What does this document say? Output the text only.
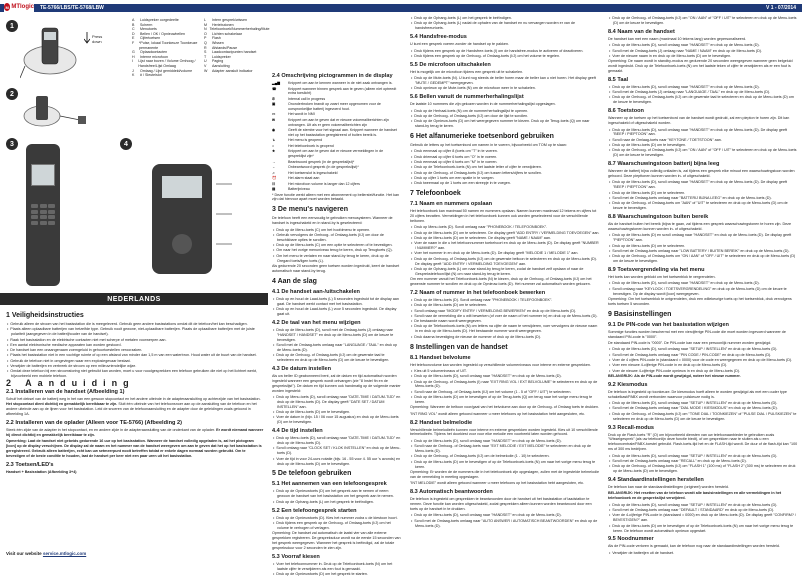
M MTlogic TE-5766/LBS/TE-5768/LBW	V 1 - 07/2014
1
Press
down
2
3
A	Luidspreker oorgedeelte
B	Scherm
C	Menutoets
D	Bellen / OK / Opnieuwbellen
E	Cijfertoetsen
F	*Pulse, lokaal Toonkeuze Toonkeuze permanente
G	Oplaadcontacten
H	Interne microfoon
I	Lijst naar boven / Volume Omhoog / Handsfree/Lijst Omlaag
J	Omlaag / Lijst gemiddeld/volume
K	# / Sleutelslot
L	Intern gesprek/wissen
M	Heriebutonen
N Telefoonboek/Nummerherhaling/Mute
O	Lichten schakelaar
P	Flash
Q	Wissen
R	Afstands/Pause
S	Laadcontactpunten handset
T	Luidspreker
U	Paging
V	Aansluiting
W	Adapter aansluit indicator
4
NEDERLANDS
1 Veiligheidsinstructies
• Gebruik alleen de stroom van het basisstation die is meegeleverd. Gebruik geen andere basisstations omdat dit de telefoon/het kan beschadigen.
• Plaats alleen oplaadbare batterijen van hetzelfde type. Gebruik nooit gewone, niet-oplaadbare batterijen. Plaats de oplaadbare batterijen met de juiste polariteit (aangegeven in de batterijhouder van de handset).
• Raak het basisstation en de elektrische contacten niet met scherpe of metalen voorwerpen aan.
• Een aantal elektronische medische apparaten kan worden gestoord.
• De handset kan een onaangenaam zoemgeluid in gehoortoestellen veroorzaken.
• Plaats het basisstation niet in een vochtige ruimte of op een afstand van minder dan 1,5 m van een waterbron. Houd water uit de buurt van de handset.
• Gebruik de telefoon niet in omgevingen waar een explosiegevaar bestaat.
• Verwijder de batterijen en verbreek de stroom op een milieuvriendelijke wijze.
• Omdat deze telefoon bij een stroomstoring niet gebruikt kan worden, moet u voor noodgesprekken een telefoon gebruiken die niet op het lichtnet werkt, bijvoorbeeld een mobiele telefoon.
2 Aanduiding
2.1 Installeren van de handset (Afbeelding 1)

Schuif het deksel van de batterij weg in het van een gewoon stopcontact en het andere uiteinde in de adapteraansluiting op achterzijde van het basisstation. Het stopcontact dient dichtbij en gemakkelijk bereikbaar te zijn. Sluit één uiteinde van het telefoonsnoer aan op de aansluiting van de telefoon en het andere uiteinde aan op de lijnen voor het basisstation. Leid de snoeren van de telefoonaansluiting en de adapter door de geleidingen zoals getoond in afbeelding 1A.

2.2 Installeren van de oplader (Alleen voor TE-5766) (Afbeelding 2)

Steek één zijde van de adapter in het stopcontact, en en andere zijde in de adapteraansluiting van de onderkant van de oplader. Er wordt niemand wanneer hij direct dichtbij en gemakkelijk bereikbaar te zijn.

Opmerking: Laat de handset niet gebeids gedurende 16 uur op het basisstation. Wanneer de handset volledig opgeladen is, zal het pictogram [icon] op de display verschijnen. De display zal de naam en het nummer van de handset weergeven om aan te geven dat het op het basisstation is geregistreerd. Gebruik alleen batterijen, echt kan uw setmeerpunt nooit betreffen totdat er enkele dagen normaal worden gebruikt. Om te bevestigen of de beste conditie te houden, laat de handset per keer niet een paar uren uit het basisstation.

2.3 Toetsen/LED's

Handset + Basisstation (Afbeelding 3+4)

2.4 Omschrijving pictogrammen in de display
▂▄▆	Knippert om aan te kennen wanneer in de niet zaak ontvangen is.
☎	Knippert wanneer binnen gesprek aan te geven (alleen niet optreedt extra toeslicht)
✆	Internal call in progress
▣	Ononderbroken brandt op zwart meer opgenomen voor de oorspronkelijke batterij ingevoerd hout.
▭	Het wordt in NMI
✉	Knippert om aan te geven dat er nieuwe voicemailberichten zijn ontvangen. Uit als er geen voicemailberichten zijn
◉	Geeft de stembe voor het signaal aan. Knippert wanneer de handset niet op het basisstation geregistreerd of buiten bereik is.
↴	Het menu is geopend
⌂	Het telefoonboek is geopend
★	Knippert om aan te geven dat er nieuwe vermeldingen in de gespreklijst zijn*
→	Beantwoord gesprek (in de gesprekslijst)*
←	Onbeantwoord gesprek (in de gesprekslijst)*
♫	Het toetsenslot is ingeschakeld
⏰	Het alarm staat aan
☷	Het microfoon volume is langer dan 12 cijfers
▤	Batterijniveau

* Deze functie werkt alleen met een abonnement op bellerstel/functie. Het kan zijn dat hiervoor apart moet worden betaald.

3 De menu's navigeren

De telefoon heeft een eenvoudig te gebruiken menusysteem. Wanneer de handset is ingeschakeld en in stand-by is geselecteerd:

• Druk op de Menu-toets (C) om het hoofdmenu te openen.
• Gebruik vervolgens de Omhoog- of Omlaag-toets (I/J) om door de beschikbare opties te scrollen.
• Druk op de Menu-toets (C) om een optie te selecteren of te bevestigen.
• Om naar het vorige menuniveau terug te keren, druk op Terugtoets (Q).
• Om het menu te verlaten en naar stand-by terug te keren, druk op de Oregard toets/ligen toets (L).

Als gedurende 20 seconden geen toetsen worden ingedrukt, keert de handset automatisch naar stand-by terug.

4 Aan de slag
4.1 De handset aan-/uitschakelen
• Druk op en houd de Laad-toets (L) 5 seconden ingedrukt tot de display aan gaat. De handset werkt contact met het basisstation.
• Druk op en houd de Laad-toets (L) voor 5 seconden ingedrukt. De display gaat uit.
4.2 De taal van het menu wijzigen
• Druk op de Menu-toets (D), scroll met de Omlaag-toets (J) omlaag naar "HANDSET / HANDSET" en druk op de Menu-toets (D) om de keuze te bevestigen.
• Scroll met de Omlaag-toets omlaag naar "LANGUAGE / TAAL" en druk op de Menu-toets (D).
• Druk op de Omhoog- of Omlaag-toets (I/J) om de gewenste taal te selecteren en druk op de Menu-toets (D) om de keuze te bevestigen.
4.3 De datum instellen

Als uw beller ID geabonneerd bent, zal de datum en tijd automatisch worden ingesteld wanneer een gesprek wordt ontvangen (zie "8 Instel fin en de gesprekslijst"). De datum en tijd kunnen ook handmatig op de volgende manier worden ingesteld:

• Druk op Menu-toets (D), scroll omlaag naar "DATE-TIME / DATUM-TIJD" en druk op de Menu-toets (D). De display geeft "DATE SET / DATUM INSTELLEN" aan.
• Druk op de Menu-toets (D) om te bevestigen.
• Voer de datum in (bijv. 15 / 06 voor 15 augustus) en druk op de Menu-toets (D) om te bevestigen.
4.4 De tijd instellen
• Druk op Menu-toets (D), scroll omlaag naar "DATE-TIME / DATUM-TIJD" en druk op de Menu-toets (D).
• Scroll omlaag naar "CLOCK SET / KLOK INSTELLEN" en druk op de Menu-toets (D).
• Voer de tijd in voor 24-uurs notatie (bijv. 16 - 55 voor 4. 55 uur 's avonds) en druk op de Menu-toets (D) om te bevestigen.
5 De telefoon gebruiken
5.1 Het aannemen van een telefoongesprek
• Druk op de Opnieuwtoets (D) om het gesprek aan te nemen of neem gewoon de handset van het basisstation om het gesprek aan te nemen.
• Druk op de Ophang-toets (L) om het gesprek te beëindigen.
5.2 Een telefoongesprek starten
• Druk op de Opnieuwtoets (D). Kies het nummer zodra u de kiestoon hoort.
• Druk tijdens een gesprek op de Omhoog- of Omlaag-toets (I/J) om het volume te verhogen of verlagen.

Opmerking: De handset zal automatisch de laatst vier van alle externe gesprekken registreren. De gespreksduur wordt na de eerste 15 seconden van het gesprek weergegeven. Wanneer het gesprek is beëindigd, zal de totale gespreksduur voor 2 seconden te zien zijn.

5.3 Voorraf kiesen
• Voer het telefoonnummer in. Druk op de Telefoonboek-toets (N) om het laatste cijfer te verwijderen als een fout is gemaakt.
• Druk op de Opnieuwtoets (D) om het gesprek te starten.
• Druk op de Ophang-toets (L) om het gesprek te beëindigen.
• Druk op de Ophang-toets (L) nadat de ophalen van de handset en nu vervangen worden er van de handsfreeurtoets.
5.4 Handsfree-modus

U kunt een gesprek voeren zonder de handset op te pakken.

• Druk tijdens een gesprek op de Handsfree-toets (I) om de handsfree-modus te activeren of deactiveren.
• Druk tijdens een gesprek op de Omhoog- of Omlaag-toets (I/J) om het volume te regelen.
5.5 De microfoon uitschakelen

Het is mogelijk om de microfoon tijdens een gesprek uit te schakelen.

• Druk op de Mute-toets (N). U kunt nog steeds de beller horen maar de beller kan u niet horen. Het display geeft "MUTE / GEDEMPT" weergegeven.
• Druk opnieuw op de Mute-toets (N) om de microfoon weer in te schakelen.
5.6 Bellen vanuit de nummerherhalingslijst

De laatste 10 nummers die zijn gekozen worden in de nummerherhalingslijst opgeslagen.

• Druk op de Herhaal-toets (N) om de nummerherhalingslijst te openen.
• Druk op de Omhoog- of Omlaag-toets (I/J) om door de lijst te scrollen.
• Druk op de Opnieuw-toets (D) om het weergegeven nummer te kiezen. Druk op de Terug-toets (Q) om naar stand-by terug te keren.
6 Het alfanumerieke toetsenbord gebruiken

Gebruik de letters op het toetsenbord om namen in te voeren, bijvoorbeeld om TOM op te slaan:

• Druk eenmaal op cijfer 8 (toets om "T" in te voeren.
• Druk driemaal op cijfer 6 toets om "O" in te voeren.
• Druk eenmaal op cijfer 6 toets om "M" in te voeren.
• Druk op de Telefoonboek-toets (N) om het laatste letter of cijfer te verwijderen.
• Druk op de Omhoog- of Omlaag-toets (I/J) om tussen letters/cijfers te scrollen.
• Druk op cijfer 1 toets om een spatie in te voegen.
• Druk tweemaal op de 1 toets om een streepje in te voegen.
7 Telefoonboek
7.1 Naam en nummers opslaan

Het telefoonboek kan maximaal 50 namen en nummers opslaan. Namen kunnen maximaal 12 tekens en cijfers tot 20 cijfers bevatten. Vermeldingen in het telefoonboek kunnen ook worden geselecteerd voor de verschillende beltonen.

• Druk op Menu-toets (D). Scroll omlaag naar "PHONEBOOK / TELEFOONBOEK".
• Druk op de Menu-toets (D) om te selecteren. De display geeft "ADD ENTRY / VERMELDING TOEVOEGEN" aan.
• Druk op de Menu-toets (D) om te selecteren. De display geeft "NAME / NAAM" aan.
• Voer de naam in die u het telefoonnummer toebehoort en druk op de Menu-toets (D). De display geeft "NUMBER / NUMMER?" aan.
• Voer het nummer in en druk op de Menu-toets (D). De display geeft "MELODIE 1 / MELODIE 1" aan.
• Druk op de Omhoog- of Omlaag-toets (I/J) om de gewenste beltoon te selecteren en druk op de Menu-toets (D). De display geeft "ADD ENTRY / VERMELDING TOEVOEGEN" aan.
• Druk op de Ophang-toets (L) om naar stand-by terug te keren, zodat de handset zelf opslaan of naar de Gesprekstelefoon/lijst (N) om naar stand-by terug te keren.

Om een nummer vanuit het Telefoonboek-toets (N) te kiezen, druk op de Omhoog- of Omlaag-toets (I/J) om het gewenste nummer te scrollen en druk op de Opnieuw-toets (D). Het nummer zal automatisch worden gekozen.

7.2 Naam of nummer in het telefoonboek bewerken
• Druk op de Menu-toets (D). Scroll omlaag naar "PHONEBOOK / TELEFOONBOEK".
• Druk op de Menu-toets (D) om te selecteren.
• Scroll omlaag naar "MODIFY ENTRY / VERMELDING BEWERKEN" en druk op de Menu-toets (D).
• Scroll naar de vermelding die u wilt bewerken (of voer de naam of het nummer in) en druk op de Menu-toets (D).
• De bestaande naam wordt weergegeven.
• Druk op de Telefoonboek-toets (N) om letters na cijfer de naam te verwijderen, voer vervolgens de nieuwe naam in en druk op de Menu-toets (D). Het bestaande nummer wordt weergegeven.
• Druk daarna bevestiging de nieuwe de nummer of druk op de Menu-toets (D).
8 Instellingen van de handset
8.1 Handset belvolume

Het telefoonvolume kan worden ingesteld op verschillende volumeniveaus voor interne en externe gesprekken.

• Kies uit 5 volumeniveaus of UIT.
• Druk op de Menu-toets (D), scroll omlaag naar "HANDSET" en druk op de Menu-toets (D).
• Druk op de Omhoog- of Omlaag-toets (I) naar "EXT RING VOL / EXT BELVOLUME" te selecteren en druk op de Menu-toets (D).
• Scroll naar de Omhoog- of Omlaag-toets (I/J) om het volume (1 - 5 of "OFF / UIT") te selecteren.
• Druk op de Menu-toets (D) om te bevestigen of op de Terug-toets (Q) om terug naar het vorige menu terug te keren.

Opmerking: Wanneer de beltoon voor/gaat van het belvolume aan door op de Omhoog- of Omlaag toets te drukken.

"INT RING VOL" wordt alleen getoond wanneer u meer telefoons op het basisstation hebt aangesloten, etc.

8.2 Handset belmelodie

Verschillende belmelodieën kunnen voor interne en externe gesprekken worden ingesteld. Kies uit 10 verschillende belmelodieën. Tijdens het doorkiest voor voor elke melodie een voorbeeld laten worden gehoord.

• Druk op de Menu-toets (D), scroll omlaag naar "HANDSET" en druk op de Menu-toets (D).
• Scroll naar de Omhoog- of Omlaag-toets naar "EXT MELODIE / EXT MELODIE" te selecteren en druk op de Menu-toets (D).
• Druk op de Omhoog- of Omlaag-toets (I/J) om de belmelodie (1 - 10) te selecteren.
• Druk op de Menu-toets (D) om te bevestigen of op de Telefoonboek-toets (N) om naar het vorige menu terug te keren.

Opmerking: Er worden de de nummers die in het telefoonboek zijn opgeslagen, zullen met de ingestelde belmelodie van de vermelding in meeting opgeslagen.

"INT MELODIE" wordt alleen getoond wanneer u meer telefoons op het basisstation hebt aangesloten, etc.

8.3 Automatisch beantwoorden

De telefoon is ingesteld om gesprekken te beantwoorden door de handset uit het basisstation of laadstation te nemen. Deze functie kan worden uitgeschakeld, zodat gesprekken alleen kunnen worden beantwoord door een toets op de handset in te drukken.

• Druk op de Menu-toets (D), scroll omlaag naar "HANDSET" en druk op de Menu-toets (D).
• Scroll met de Omlaag-toets omlaag naar "AUTO ANSWER / AUTOMATISCH BEANTWOORDEN" en druk op de Menu-toets (D).
• Druk op de Omhoog- of Omlaag-toets (I/J) om "ON / AAN" of "OFF / UIT" te selecteren en druk op de Menu-toets (D) om de keuze te bevestigen.
8.4 Naam van de handset

De handset kan met een naam (maximaal 10 tekens lang) worden gepersonaliseerd.

• Druk op de Menu-toets (D), scroll omlaag naar "HANDSET" en druk op de Menu-toets (D).
• Scroll met de Omlaag-toets (J) omlaag naar "NAME / NAAM" en druk op de Menu-toets (D).
• Voer de nieuwe naam in en druk op de Menu-toets (D) om te bevestigen.

Opmerking: De naam wordt in standby-modus en gedurende 20 seconden weergegeven wanneer geen belgeluid wordt ingedrukt. Druk op de Telefoonboek-toets (N) om het laatste teken of cijfer te verwijderen als er een fout is gemaakt.

8.5 Taal
• Druk op de Menu-toets (D), scroll omlaag naar "HANDSET" en druk op de Menu-toets (D).
• Scroll met de Omlaag-toets (J) omlaag naar "LANGUAGE / TAAL" en druk op de Menu-toets (D).
• Druk op de Omhoog- of Omlaag-toets (I/J) om de gewenste taal te selecteren en druk op de Menu-toets (D) om de keuze te bevestigen.
8.6 Toetstoon

Wanneer op de toetsen op het toetsenbord van de handset wordt gedrukt, zal een piepton te horen zijn. Dit kan ingeschakeld of uitgeschakeld worden.

• Druk op de Menu-toets (D), scroll omlaag naar "HANDSET" en druk op de Menu-toets (D). De display geeft "BEEP / PIEPTOON" aan.
• Scroll naar de Omlaag-toets naar "KEYTONE / TOETSTOON" aan.
• Druk op de Menu-toets (D) om te bevestigen.
• Druk op de Omhoog- of Omlaag-toets (I/J) om "ON / AAN" of "OFF / UIT" te selecteren en druk op de Menu-toets (D) om de keuze te bevestigen.
8.7 Waarschuwingstoon batterij bijna leeg

Wanneer de batterij bijna volledig ontladen is, zal tijdens een gesprek elke minuut een waarschuwingstoon worden gehoord. Deze piepttonen kunnen worden in- of uitgeschakeld.

• Druk op de Menu-toets (D), scroll omlaag naar "HANDSET" en druk op de Menu-toets (D). De display geeft "BEEP / PIEPTOON" aan.
• Druk op de Menu-toets (D) om te selecteren.
• Scroll met de Omlaag-toets omlaag naar "BATTERIJ BIJNA LEEG" en druk op de Menu-toets (D).
• Druk op de Omhoog- of Omlaag-toets om "AAN" of "UIT" te selecteren en druk op de Menu-toets (D) om de keuze te bevestigen.
8.8 Waarschuwingstoon buiten bereik

Als de handset buiten het bereik (bijna te gaan, zal tijdens een gesprek waarschuwingstonen te horen zijn. Deze waarschuwingstonen kunnen worden in- of uitgeschakeld.

• Druk op de Menu-toets (D) en scroll omlaag naar "HANDSET" en druk op de Menu-toets (D). De display geeft "PIEPTOON" aan.
• Druk op de Menu-toets (D) om te selecteren.
• Scroll met de Omlaag-toets omlaag naar "LOW BATTERY / BUITEN BEREIK" en druk op de Menu-toets (D).
• Druk op de Omhoog- of Omlaag-toets om "ON / AAN" of "OFF / UIT" te selecteren en druk op de Menu-toets (D) om de keuze te bevestigen.
8.9 Toetsvergrendeling via het menu

Het toets kan worden geblokt om het toetsenblok te vergrendelen.

• Druk op de Menu-toets (D), scroll omlaag naar "HANDSET" en druk op de Menu-toets (D).
• Scroll omlaag naar "KEYLOCK / TOETSVERGRENDELING" en druk op de Menu-toets (D) om de keuze te bevestigen. Op de display wordt [icon] weergegeven.

Opmerking: Om het toetsenblok te ontgrendelen, druk een willekeurige toets op het toetsenblok, druk vervolgens toets toetsen 5 seconden.

9 Basisinstellingen
9.1 De PIN-code van het basisstation wijzigen

Sommige functies worden beschermd met een viercijferige PIN-code die moet worden ingevoerd wanneer de standaard PIN-code is "0000".

De standaard PIN-code is "0000". De PIN-code kan naar een persoonlijk nummer worden gewijzigd.

• Druk op de Menu-toets (D), scroll omlaag naar "SETUP / INSTELLEN" en druk op de Menu-toets (D).
• Scroll met de Omlaag-toets omlaag naar "PIN CODE / PIN-CODE" en druk op de Menu-toets (D).
• Voer de 4 cijfers PIN-code in (standaard = 0000) voor de code en weergegeven en druk op de Menu-toets (D).
• Voer een nieuwe 4-cijferige PIN-code in en druk op de Menu-toets (D).
• Voer de nieuwe 4-cijferige PIN-code opnieuw in en druk op de Menu-toets (D).

BELANGRIJK: Als de PIN-code wordt gewijzigd, noteer het nieuwe nummer.

9.2 Kiesmodus

De telefoon is ingesteld op toonkeuze. De kiesmodus hoeft alleen te worden gewijzigd als met een ouder type schakelkast/PABX wordt verbonden waarvoor pulskeuze nodig is.

• Druk op de Menu-toets (D), scroll omlaag naar "SETUP / INSTELLEN" en druk op de Menu-toets (D).
• Scroll met de Omlaag-toets omlaag naar "DIAL MODE / KIESMODUS" en druk op de Menu-toets (D).
• Druk op de Omhoog- of Omlaag-toets (I/J) om "TONE DIAL / TOONKIEZEN" of "PULSE DIAL / PULSKIEZEN" te selecteren en druk op de Menu-toets (D) om de keuze te bevestigen.
9.3 Recall-modus

Druk op de Flash-toets "R" (O) om bijvoorbeeld diensten van uw telefoonaanbieder te gebruiken zoals "Wisselgesprek" (als uw telefoonlijn deze functie biedt), of om gesprekken naar te sluiten als u een telefooncentrale/PABX-toestel gebruikt. Flash-toets-tijd het en de FLASH-tijd wordt. De duur of de flash-tijd kan "100 ms of 300 ms bedrijven.

• Druk op de Menu-toets (D), scroll omlaag naar "SETUP / INSTELLEN" en druk op de Menu-toets (D).
• Scroll met de Omlaag-toets omlaag naar "RECALL" en druk op de Menu-toets (D).
• Druk op de Omhoog- of Omlaag-toets (I/J) om "FLASH 1" (100 ms) of "FLASH 2" (300 ms) te selecteren en druk op de Menu-toets (D) om te bevestigen.
9.4 Standaardinstellingen herstellen

De telefoon kan naar de standaardinstellingen (origineel) worden hersteld.

BELANGRIJK: Het resetten van de telefoon wordt alle basisinstellingen en alle vermeldingen in het telefoonboek en de gesprekslijst verwijderd.

• Druk op de Menu-toets (D), scroll omlaag naar "SETUP / INSTELLEN" en druk op de Menu-toets (D).
• Scroll met de Omlaag-toets omlaag naar "DEFAULT / STANDAARD" en druk op de Menu-toets (D).
• Voer de 4-cijferige PIN-code in (standaard = 0000) en druk op de Menu-toets (D). De display geeft "CONFIRM? / BEVESTIGEN?" aan.
• Druk op de Menu-toets (D) om te bevestigen of op de Telefoonboek-toets (N) om naar het vorige menu terug te keren. De telefoon wordt automatisch opnieuw opgestart.
9.5 Noodnummer

Als de PIN-code verloren is gemaakt, kan de telefoon nog naar de standaardinstellingen worden hersteld.

• Verwijder de batterijen uit de handset.
Visit our website service.mtlogic.com
